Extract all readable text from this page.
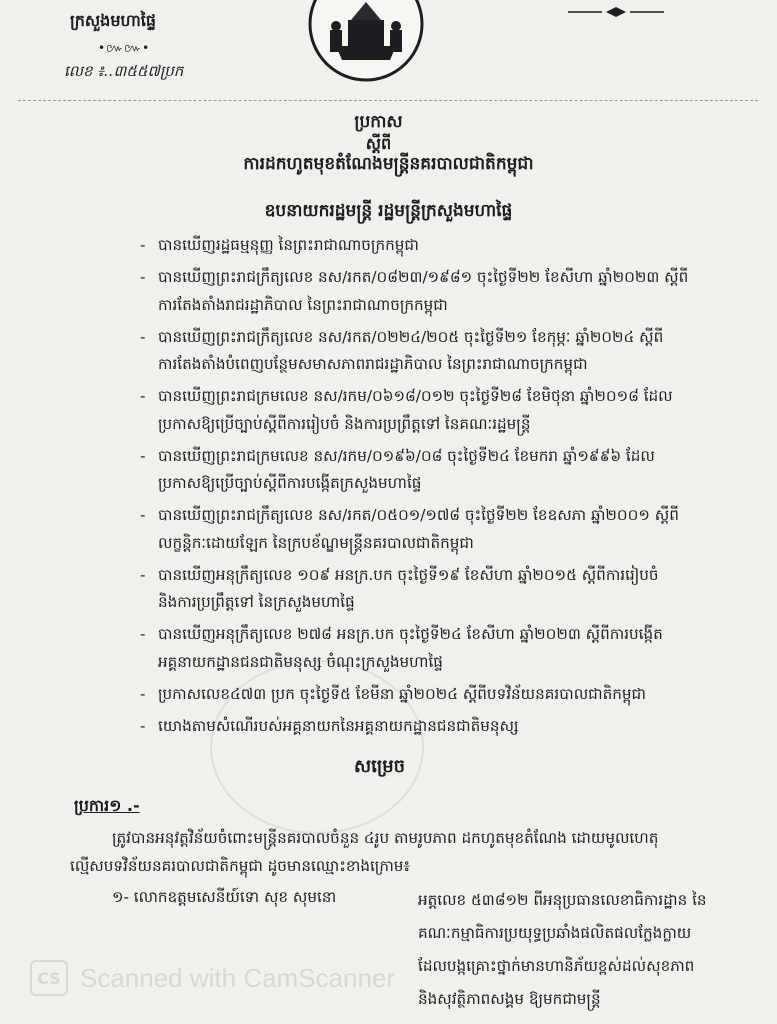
ក្រសួងមហាផ្ទៃ
•៚៚•
លេខ ៖..៣៥៥៧ប្រក
ប្រកាស
ស្តីពី
ការដកហូតមុខតំណែងមន្ត្រីនគរបាលជាតិកម្ពុជា
ឧបនាយករដ្ឋមន្ត្រី រដ្ឋមន្ត្រីក្រសួងមហាផ្ទៃ
- បានឃើញរដ្ឋធម្មនុញ្ញ នៃព្រះរាជាណាចក្រកម្ពុជា
- បានឃើញព្រះរាជក្រឹត្យលេខ នស/រកត/០៨២៣/១៩៨១ ចុះថ្ងៃទី២២ ខែសីហា ឆ្នាំ២០២៣ ស្តីពី
ការតែងតាំងរាជរដ្ឋាភិបាល នៃព្រះរាជាណាចក្រកម្ពុជា
- បានឃើញព្រះរាជក្រឹត្យលេខ នស/រកត/០២២៤/២០៥ ចុះថ្ងៃទី២១ ខែកុម្ភៈ ឆ្នាំ២០២៤ ស្តីពី
ការតែងតាំងបំពេញបន្ថែមសមាសភាពរាជរដ្ឋាភិបាល នៃព្រះរាជាណាចក្រកម្ពុជា
- បានឃើញព្រះរាជក្រមលេខ នស/រកម/០៦១៨/០១២ ចុះថ្ងៃទី២៨ ខែមិថុនា ឆ្នាំ២០១៨ ដែល
ប្រកាសឱ្យប្រើច្បាប់ស្តីពីការរៀបចំ និងការប្រព្រឹត្តទៅ នៃគណៈរដ្ឋមន្ត្រី
- បានឃើញព្រះរាជក្រមលេខ នស/រកម/០១៩៦/០៨ ចុះថ្ងៃទី២៤ ខែមករា ឆ្នាំ១៩៩៦ ដែល
ប្រកាសឱ្យប្រើច្បាប់ស្តីពីការបង្កើតក្រសួងមហាផ្ទៃ
- បានឃើញព្រះរាជក្រឹត្យលេខ នស/រកត/០៥០១/១៧៨ ចុះថ្ងៃទី២២ ខែឧសភា ឆ្នាំ២០០១ ស្តីពី
លក្ខន្តិកៈដោយឡែក នៃក្របខ័ណ្ឌមន្ត្រីនគរបាលជាតិកម្ពុជា
- បានឃើញអនុក្រឹត្យលេខ ១០៩ អនក្រ.បក ចុះថ្ងៃទី១៩ ខែសីហា ឆ្នាំ២០១៥ ស្តីពីការរៀបចំ
និងការប្រព្រឹត្តទៅ នៃក្រសួងមហាផ្ទៃ
- បានឃើញអនុក្រឹត្យលេខ ២៧៨ អនក្រ.បក ចុះថ្ងៃទី២៤ ខែសីហា ឆ្នាំ២០២៣ ស្តីពីការបង្កើត
អគ្គនាយកដ្ឋានជនជាតិមនុស្ស ចំណុះក្រសួងមហាផ្ទៃ
- ប្រកាសលេខ៤៧៣ ប្រក ចុះថ្ងៃទី៥ ខែមីនា ឆ្នាំ២០២៤ ស្តីពីបទវិន័យនគរបាលជាតិកម្ពុជា
- យោងតាមសំណើរបស់អគ្គនាយកនៃអគ្គនាយកដ្ឋានជនជាតិមនុស្ស
សម្រេច
ប្រការ១ .-
ត្រូវបានអនុវត្តវិន័យចំពោះមន្ត្រីនគរបាលចំនួន ៤រូប តាមរូបភាព ដកហូតមុខតំណែង ដោយមូលហេតុ
ល្មើសបទវិន័យនគរបាលជាតិកម្ពុជា ដូចមានឈ្មោះខាងក្រោម៖
១- លោកឧត្តមសេនីយ៍ទោ សុខ សុមនោ	អត្តលេខ ៥៣៨១២ ពីអនុប្រធានលេខាធិការដ្ឋាន នៃ
គណៈកម្មាធិការប្រយុទ្ធប្រឆាំងផលិតផលក្លែងក្លាយ
ដែលបង្កគ្រោះថ្នាក់មានហានិភ័យខ្ពស់ដល់សុខភាព
និងសុវត្ថិភាពសង្គម ឱ្យមកជាមន្ត្រី
CS Scanned with CamScanner
